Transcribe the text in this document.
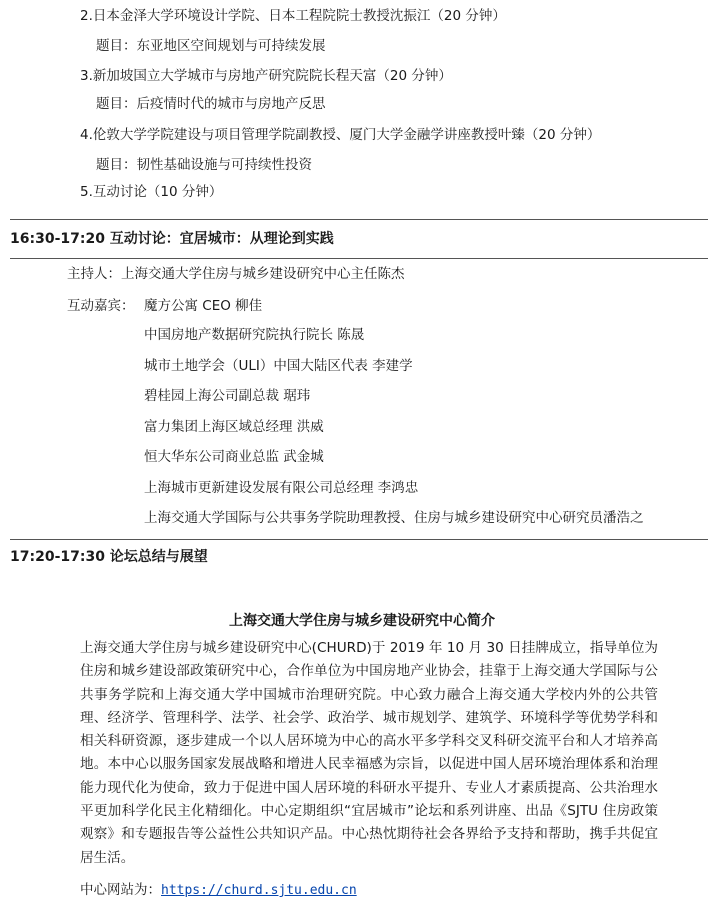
2.日本金泽大学环境设计学院、日本工程院院士教授沈振江（20 分钟）
题目：东亚地区空间规划与可持续发展
3.新加坡国立大学城市与房地产研究院院长程天富（20 分钟）
题目：后疫情时代的城市与房地产反思
4.伦敦大学学院建设与项目管理学院副教授、厦门大学金融学讲座教授叶臻（20 分钟）
题目：韧性基础设施与可持续性投资
5.互动讨论（10 分钟）
16:30-17:20 互动讨论：宜居城市：从理论到实践
主持人：上海交通大学住房与城乡建设研究中心主任陈杰
互动嘉宾： 魔方公寓 CEO 柳佳
中国房地产数据研究院执行院长 陈晟
城市土地学会（ULI）中国大陆区代表 李建学
碧桂园上海公司副总裁 琚玮
富力集团上海区域总经理 洪威
恒大华东公司商业总监 武金城
上海城市更新建设发展有限公司总经理 李鸿忠
上海交通大学国际与公共事务学院助理教授、住房与城乡建设研究中心研究员潘浩之
17:20-17:30 论坛总结与展望
上海交通大学住房与城乡建设研究中心简介
上海交通大学住房与城乡建设研究中心(CHURD)于 2019 年 10 月 30 日挂牌成立，指导单位为住房和城乡建设部政策研究中心，合作单位为中国房地产业协会，挂靠于上海交通大学国际与公共事务学院和上海交通大学中国城市治理研究院。中心致力融合上海交通大学校内外的公共管理、经济学、管理科学、法学、社会学、政治学、城市规划学、建筑学、环境科学等优势学科和相关科研资源，逐步建成一个以人居环境为中心的高水平多学科交叉科研交流平台和人才培养高地。本中心以服务国家发展战略和增进人民幸福感为宗旨，以促进中国人居环境治理体系和治理能力现代化为使命，致力于促进中国人居环境的科研水平提升、专业人才素质提高、公共治理水平更加科学化民主化精细化。中心定期组织“宜居城市”论坛和系列讲座、出品《SJTU 住房政策观察》和专题报告等公益性公共知识产品。中心热忱期待社会各界给予支持和帮助，携手共促宜居生活。
中心网站为：https://churd.sjtu.edu.cn
